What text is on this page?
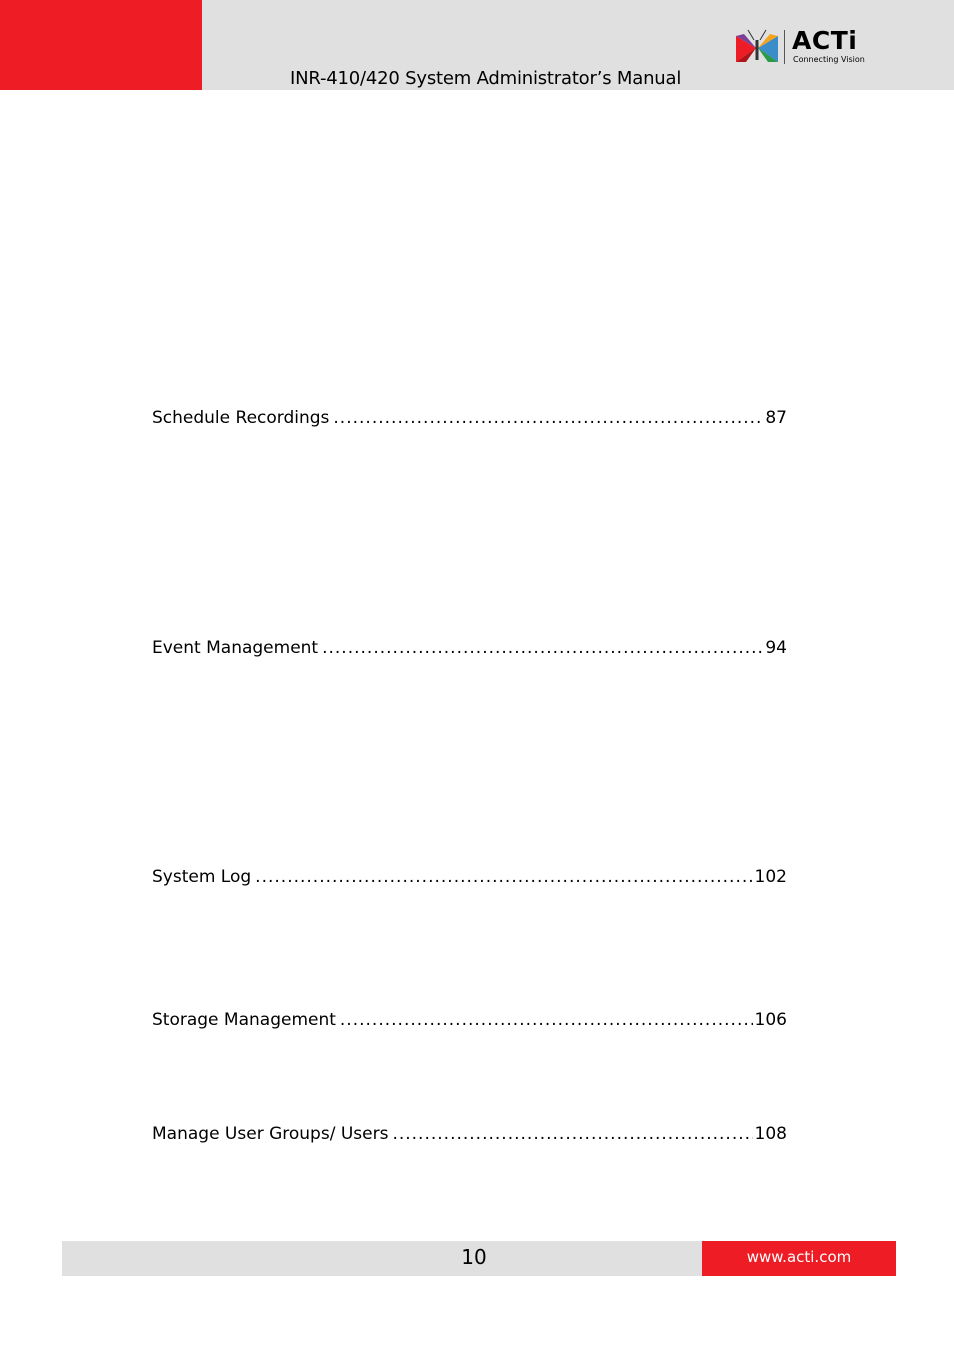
INR-410/420 System Administrator’s Manual
ACTi
Connecting Vision
Schedule Recordings .....	87
Event Management .....	94
System Log .....	102
Storage Management .....	106
Manage User Groups/ Users .....	108
10	www.acti.com
